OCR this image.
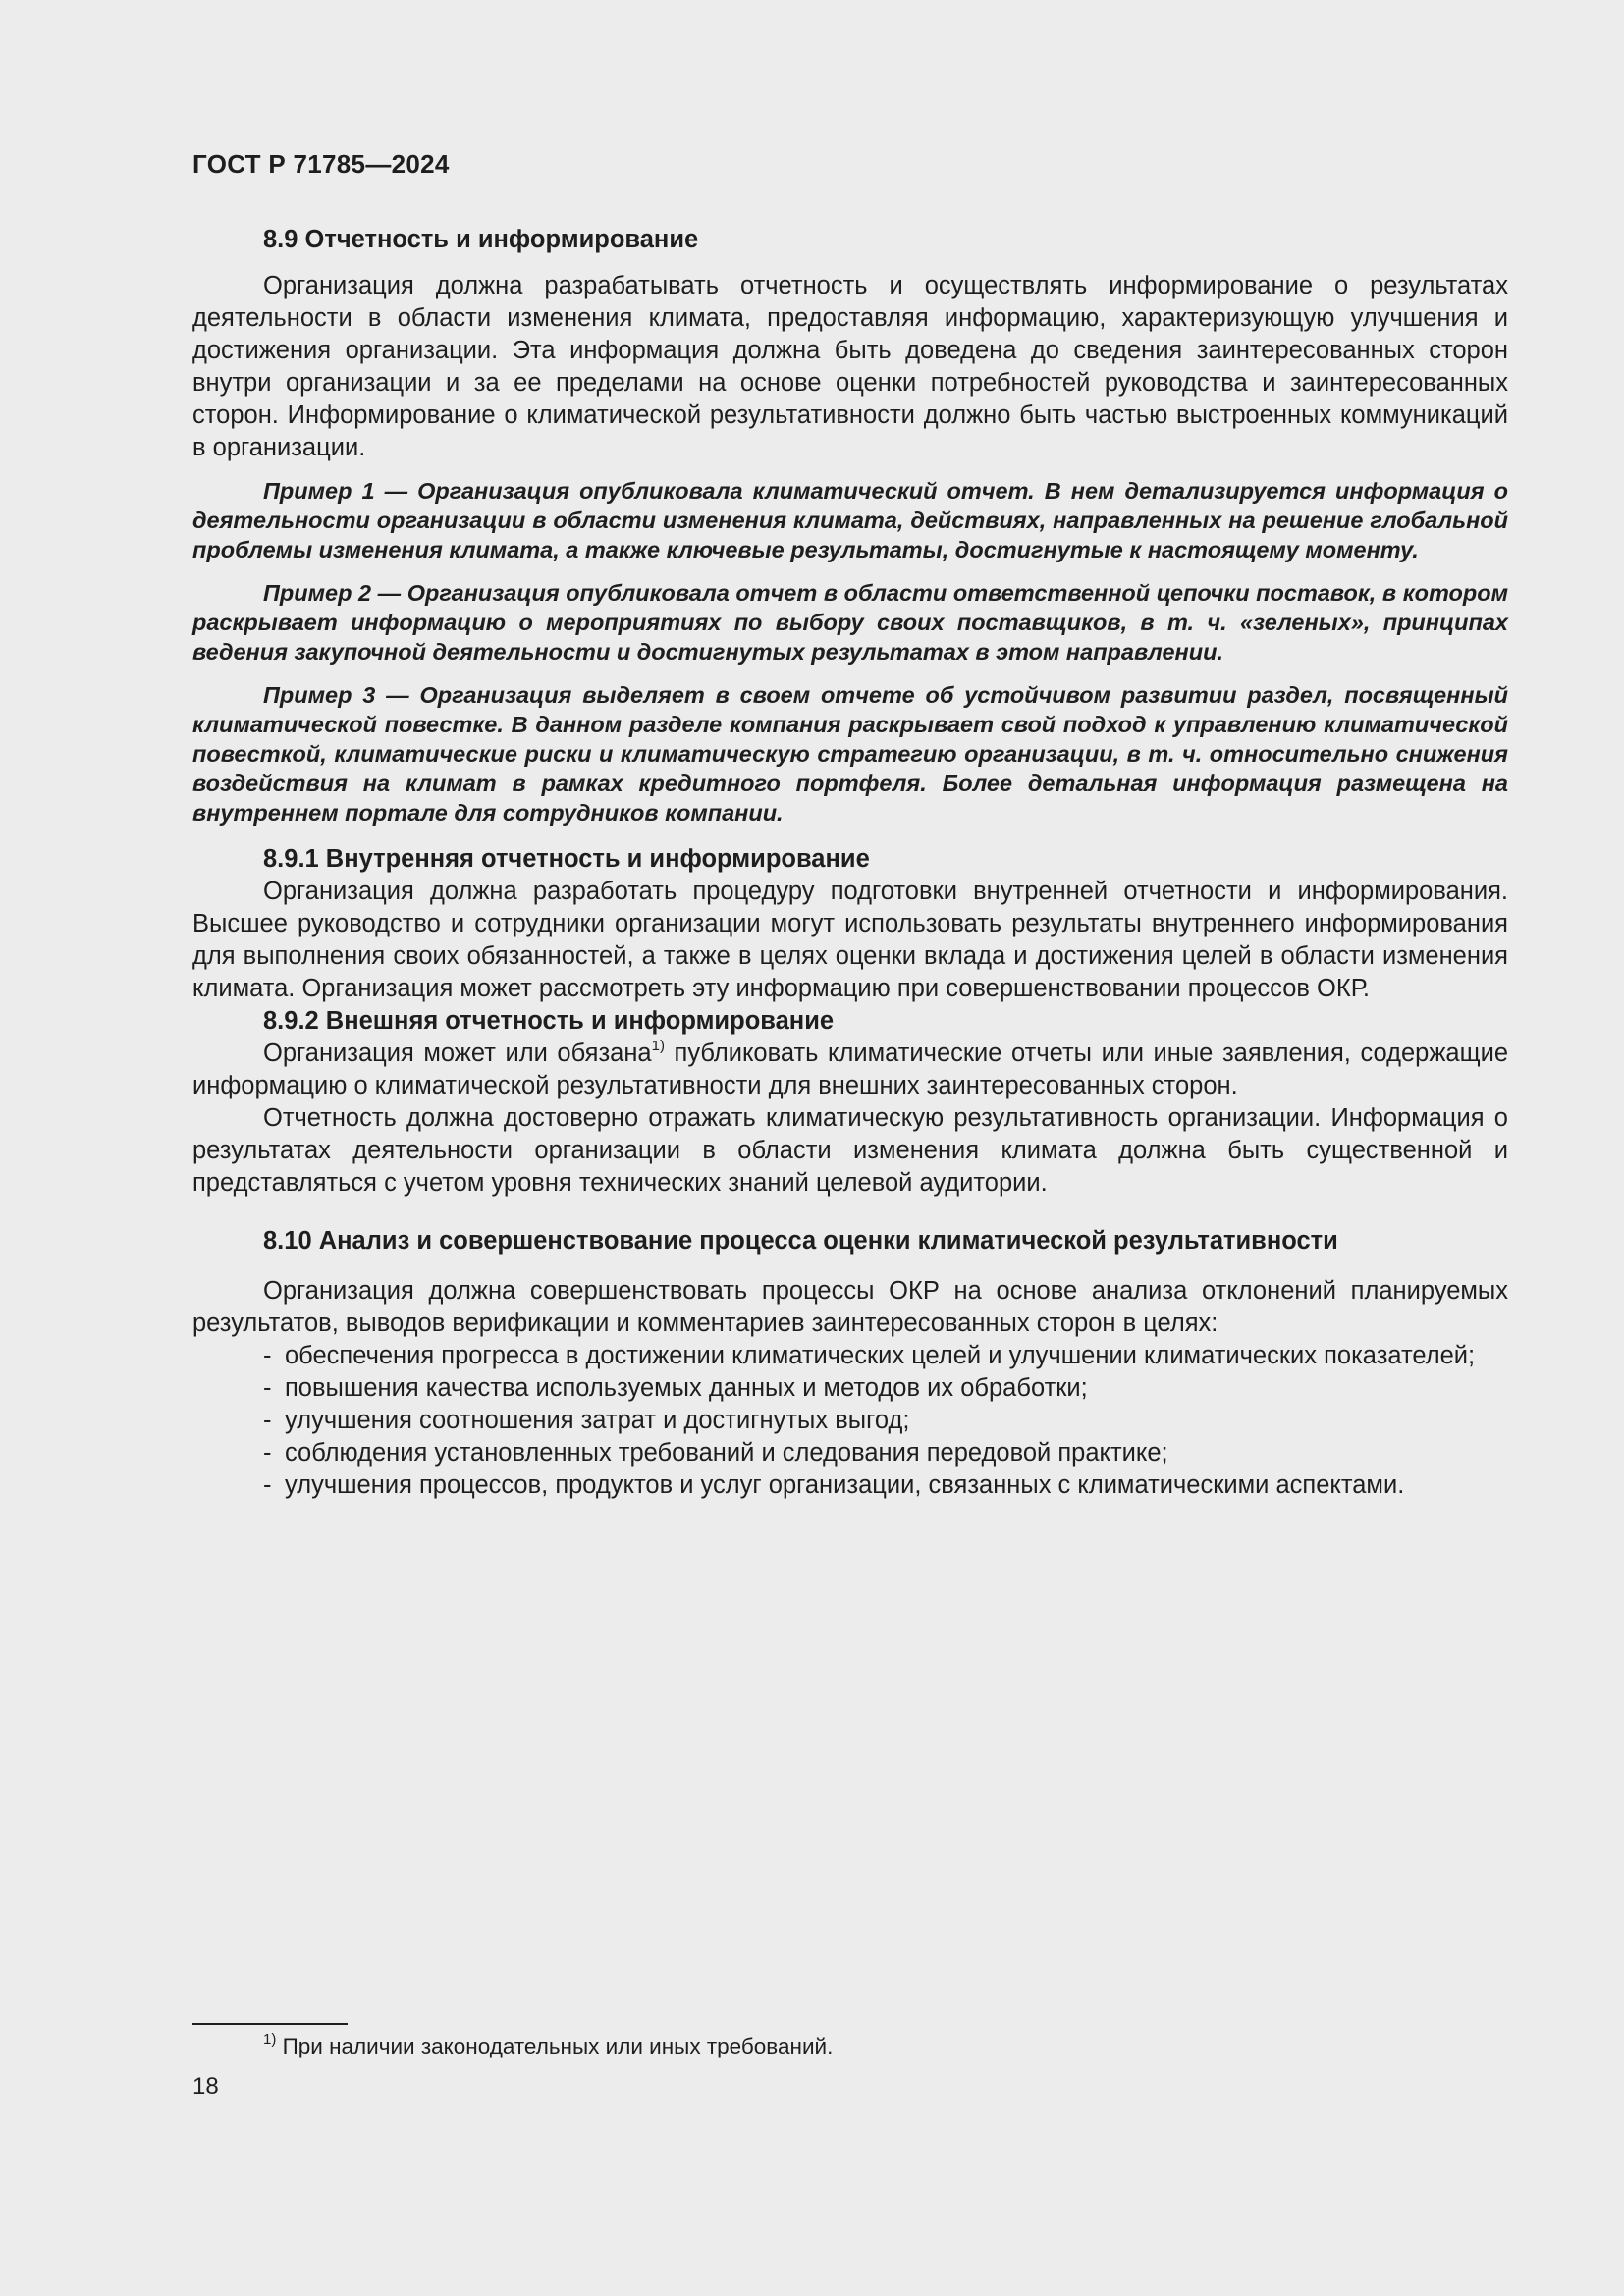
ГОСТ Р 71785—2024
8.9 Отчетность и информирование

Организация должна разрабатывать отчетность и осуществлять информирование о результатах деятельности в области изменения климата, предоставляя информацию, характеризующую улучшения и достижения организации. Эта информация должна быть доведена до сведения заинтересованных сторон внутри организации и за ее пределами на основе оценки потребностей руководства и заинтересованных сторон. Информирование о климатической результативности должно быть частью выстроенных коммуникаций в организации.

Пример 1 — Организация опубликовала климатический отчет. В нем детализируется информация о деятельности организации в области изменения климата, действиях, направленных на решение глобальной проблемы изменения климата, а также ключевые результаты, достигнутые к настоящему моменту.

Пример 2 — Организация опубликовала отчет в области ответственной цепочки поставок, в котором раскрывает информацию о мероприятиях по выбору своих поставщиков, в т. ч. «зеленых», принципах ведения закупочной деятельности и достигнутых результатах в этом направлении.

Пример 3 — Организация выделяет в своем отчете об устойчивом развитии раздел, посвященный климатической повестке. В данном разделе компания раскрывает свой подход к управлению климатической повесткой, климатические риски и климатическую стратегию организации, в т. ч. относительно снижения воздействия на климат в рамках кредитного портфеля. Более детальная информация размещена на внутреннем портале для сотрудников компании.

8.9.1 Внутренняя отчетность и информирование

Организация должна разработать процедуру подготовки внутренней отчетности и информирования. Высшее руководство и сотрудники организации могут использовать результаты внутреннего информирования для выполнения своих обязанностей, а также в целях оценки вклада и достижения целей в области изменения климата. Организация может рассмотреть эту информацию при совершенствовании процессов ОКР.

8.9.2 Внешняя отчетность и информирование

Организация может или обязана$^{1)}$ публиковать климатические отчеты или иные заявления, содержащие информацию о климатической результативности для внешних заинтересованных сторон.

Отчетность должна достоверно отражать климатическую результативность организации. Информация о результатах деятельности организации в области изменения климата должна быть существенной и представляться с учетом уровня технических знаний целевой аудитории.

8.10 Анализ и совершенствование процесса оценки климатической результативности

Организация должна совершенствовать процессы ОКР на основе анализа отклонений планируемых результатов, выводов верификации и комментариев заинтересованных сторон в целях:

- обеспечения прогресса в достижении климатических целей и улучшении климатических показателей;
- повышения качества используемых данных и методов их обработки;
- улучшения соотношения затрат и достигнутых выгод;
- соблюдения установленных требований и следования передовой практике;
- улучшения процессов, продуктов и услуг организации, связанных с климатическими аспектами.
$^{1)}$ При наличии законодательных или иных требований.
18
